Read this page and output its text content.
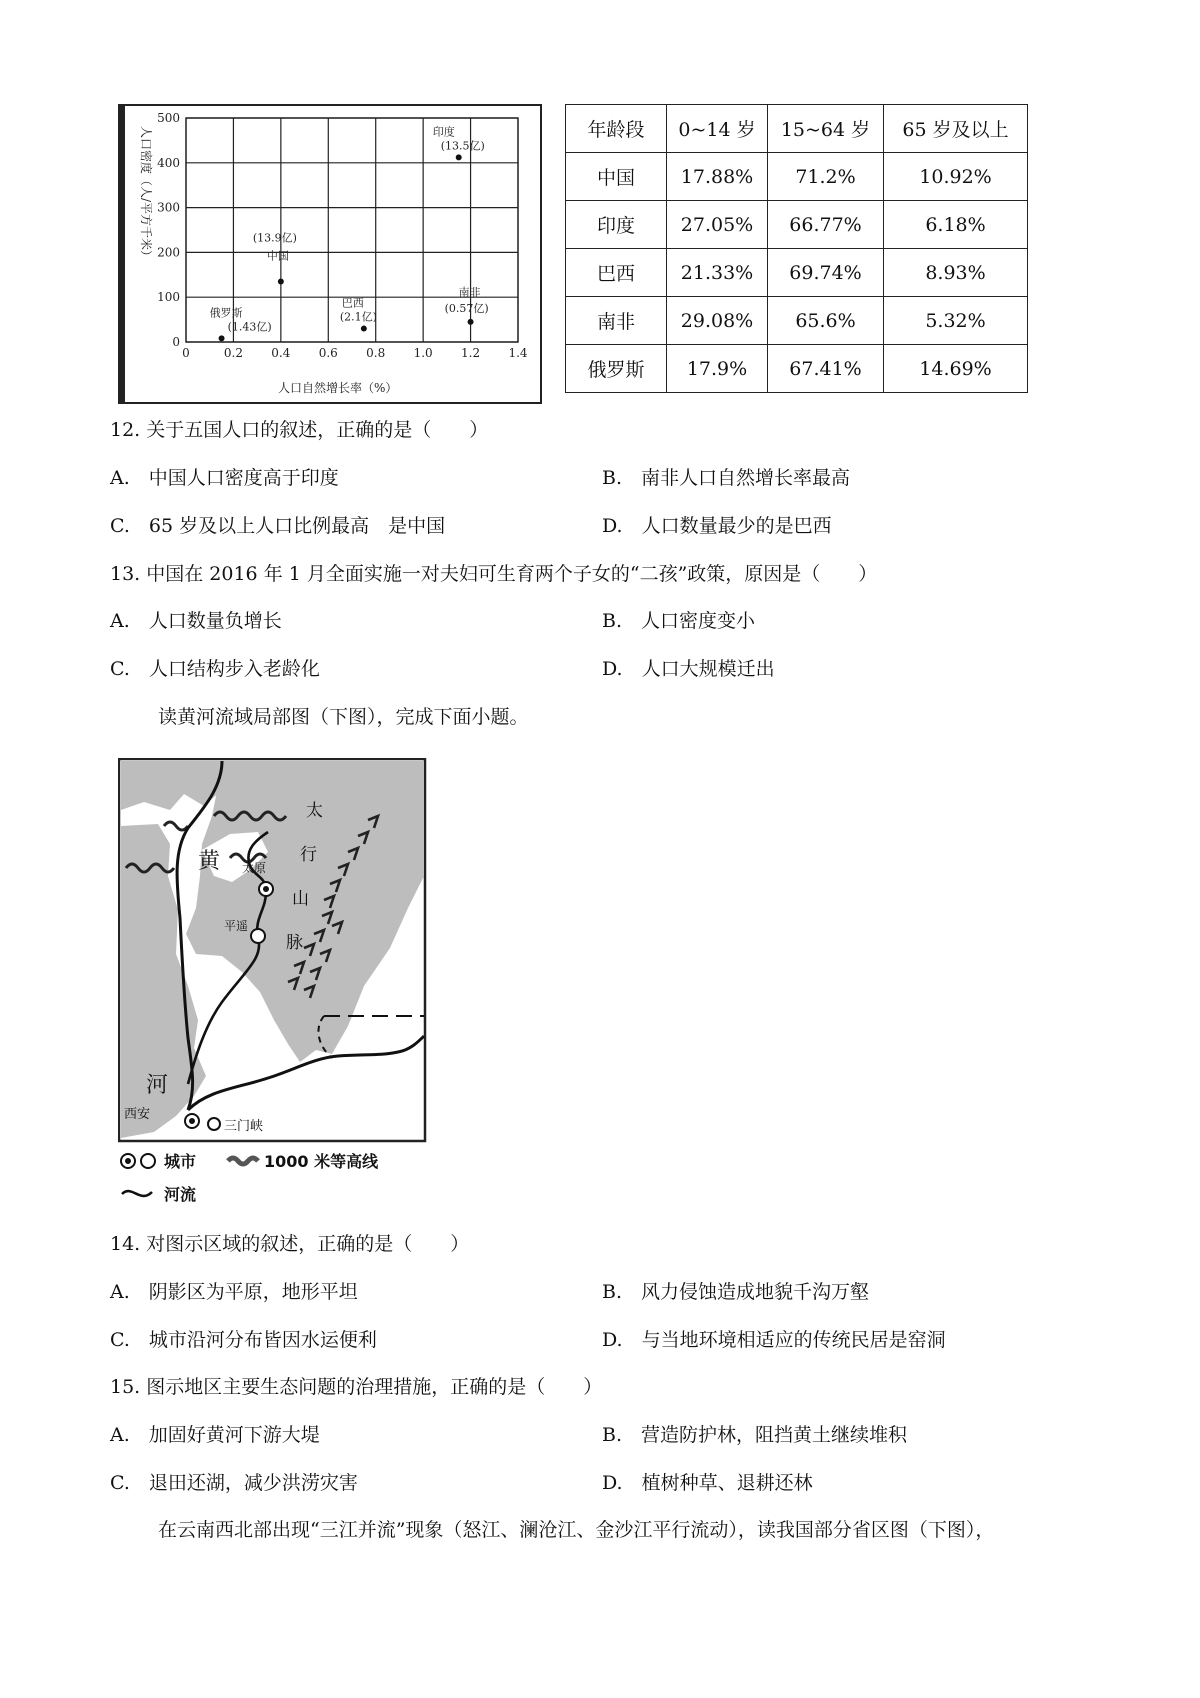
0
100
200
300
400
500
0	0.2 0.4 0.6 0.8 1.0 1.2 1.4
印度
(13.5亿)
中国
(13.9亿)
俄罗斯
(1.43亿)
巴西
(2.1亿)
南非
(0.57亿)
人口密度（人/平方千米）
人口自然增长率（%）
年龄段	0~14 岁	15~64 岁	65 岁及以上
中国	17.88%	71.2%	10.92%
印度	27.05%	66.77%	6.18%
巴西	21.33%	69.74%	8.93%
南非	29.08%	65.6%	5.32%
俄罗斯	17.9%	67.41%	14.69%
12. 关于五国人口的叙述，正确的是（　　）
A.　中国人口密度高于印度	B.　南非人口自然增长率最高
C.　65 岁及以上人口比例最高　是中国	D.　人口数量最少的是巴西
13. 中国在 2016 年 1 月全面实施一对夫妇可生育两个子女的“二孩”政策，原因是（　　）
A.　人口数量负增长	B.　人口密度变小
C.　人口结构步入老龄化	D.　人口大规模迁出
读黄河流域局部图（下图），完成下面小题。
黄
河
太
行
山
脉
太原
平遥
西安
三门峡
城市	1000 米等高线
河流
14. 对图示区域的叙述，正确的是（　　）
A.　阴影区为平原，地形平坦	B.　风力侵蚀造成地貌千沟万壑
C.　城市沿河分布皆因水运便利	D.　与当地环境相适应的传统民居是窑洞
15. 图示地区主要生态问题的治理措施，正确的是（　　）
A.　加固好黄河下游大堤	B.　营造防护林，阻挡黄土继续堆积
C.　退田还湖，减少洪涝灾害	D.　植树种草、退耕还林
在云南西北部出现“三江并流”现象（怒江、澜沧江、金沙江平行流动），读我国部分省区图（下图），
